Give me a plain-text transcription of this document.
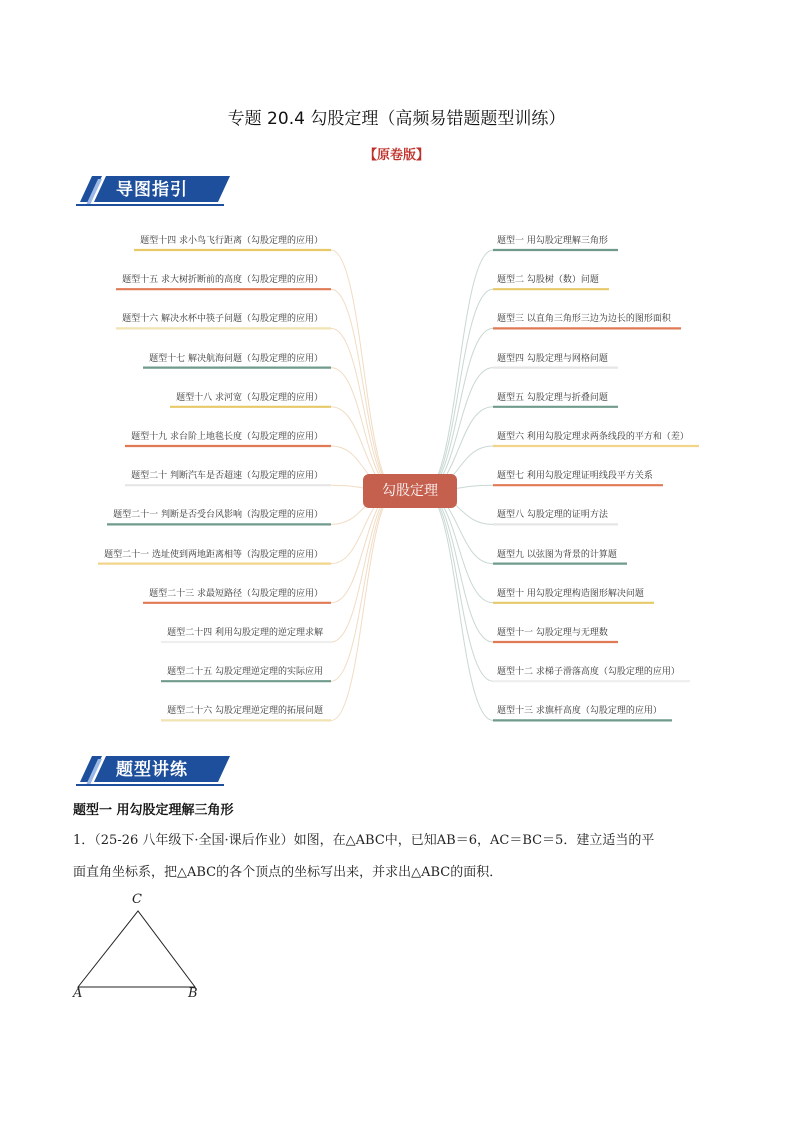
专题 20.4 勾股定理（高频易错题题型训练）
【原卷版】
导图指引
题型十四 求小鸟飞行距离（勾股定理的应用）
题型十五 求大树折断前的高度（勾股定理的应用）
题型十六 解决水杯中筷子问题（勾股定理的应用）
题型十七 解决航海问题（勾股定理的应用）
题型十八 求河宽（勾股定理的应用）
题型十九 求台阶上地毯长度（勾股定理的应用）
题型二十 判断汽车是否超速（勾股定理的应用）
题型二十一 判断是否受台风影响（沟股定理的应用）
题型二十一 选址使到两地距离相等（沟股定理的应用）
题型二十三 求最短路径（勾股定理的应用）
题型二十四 利用勾股定理的逆定理求解
题型二十五 勾股定理逆定理的实际应用
题型二十六 勾股定理逆定理的拓展问题
题型一 用勾股定理解三角形
题型二 勾股树（数）问题
题型三 以直角三角形三边为边长的图形面积
题型四 勾股定理与网格问题
题型五 勾股定理与折叠问题
题型六 利用勾股定理求两条线段的平方和（差）
题型七 利用勾股定理证明线段平方关系
题型八 勾股定理的证明方法
题型九 以弦图为背景的计算题
题型十 用勾股定理构造图形解决问题
题型十一 勾股定理与无理数
题型十二 求梯子滑落高度（勾股定理的应用）
题型十三 求旗杆高度（勾股定理的应用）
勾股定理
题型讲练
题型一 用勾股定理解三角形
1．（25-26 八年级下·全国·课后作业）如图，在△ABC中，已知AB＝6，AC＝BC＝5．建立适当的平
面直角坐标系，把△ABC的各个顶点的坐标写出来，并求出△ABC的面积．
C
A	B
